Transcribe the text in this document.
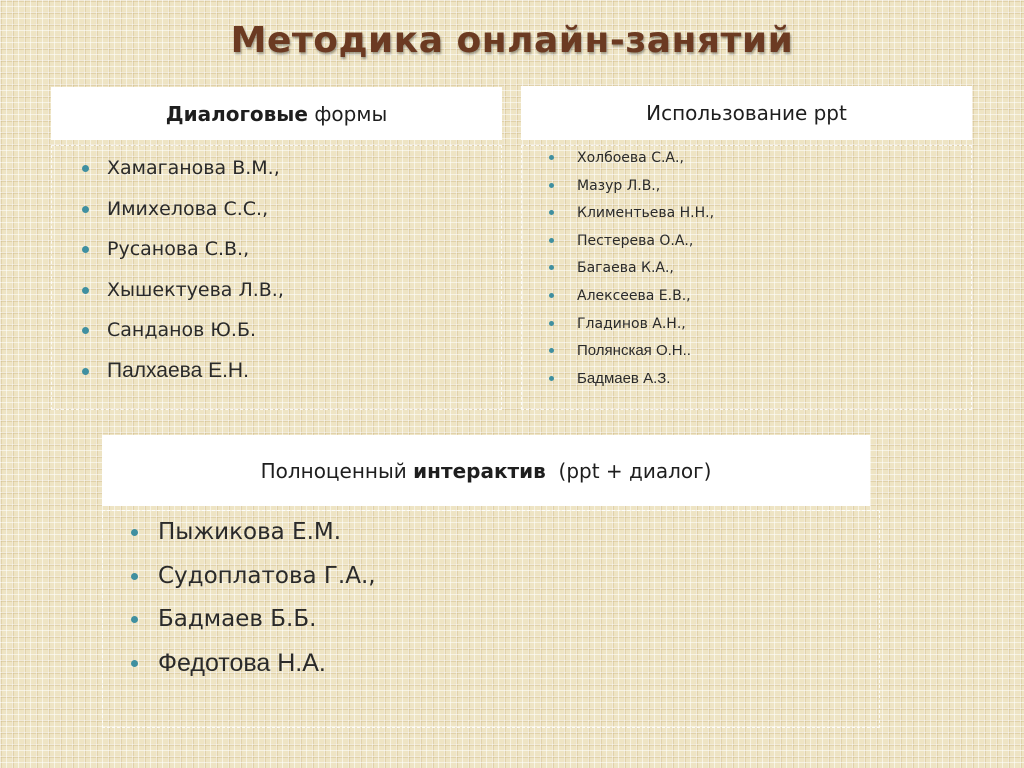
Методика онлайн-занятий
Диалоговые формы
Хамаганова В.М.,
Имихелова С.С.,
Русанова С.В.,
Хышектуева Л.В.,
Санданов Ю.Б.
Палхаева Е.Н.
Использование ppt
Холбоева С.А.,
Мазур Л.В.,
Климентьева Н.Н.,
Пестерева О.А.,
Багаева К.А.,
Алексеева Е.В.,
Гладинов А.Н.,
Полянская О.Н..
Бадмаев А.З.
Полноценный интерактив  (ppt + диалог)
Пыжикова Е.М.
Судоплатова Г.А.,
Бадмаев Б.Б.
Федотова Н.А.
